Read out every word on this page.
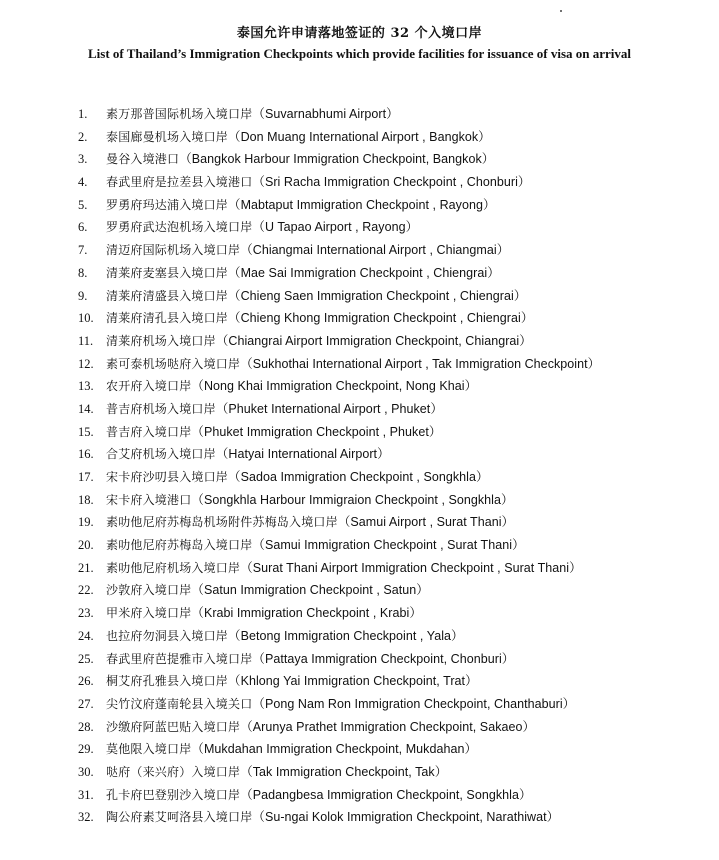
泰国允许申请落地签证的 32 个入境口岸
List of Thailand’s Immigration Checkpoints which provide facilities for issuance of visa on arrival
1. 素万那普国际机场入境口岸（Suvarnabhumi Airport）
2. 泰国廊曼机场入境口岸（Don Muang International Airport , Bangkok）
3. 曼谷入境港口（Bangkok Harbour Immigration Checkpoint, Bangkok）
4. 春武里府是拉差县入境港口（Sri Racha Immigration Checkpoint , Chonburi）
5. 罗勇府玛达浦入境口岸（Mabtaput Immigration Checkpoint , Rayong）
6. 罗勇府武达泡机场入境口岸（U Tapao Airport , Rayong）
7. 清迈府国际机场入境口岸（Chiangmai International Airport , Chiangmai）
8. 清莱府麦塞县入境口岸（Mae Sai Immigration Checkpoint , Chiengrai）
9. 清莱府清盛县入境口岸（Chieng Saen Immigration Checkpoint , Chiengrai）
10. 清莱府清孔县入境口岸（Chieng Khong Immigration Checkpoint , Chiengrai）
11. 清莱府机场入境口岸（Chiangrai Airport Immigration Checkpoint, Chiangrai）
12. 素可泰机场哒府入境口岸（Sukhothai International Airport , Tak Immigration Checkpoint）
13. 农开府入境口岸（Nong Khai Immigration Checkpoint, Nong Khai）
14. 普吉府机场入境口岸（Phuket International Airport , Phuket）
15. 普吉府入境口岸（Phuket Immigration Checkpoint , Phuket）
16. 合艾府机场入境口岸（Hatyai International Airport）
17. 宋卡府沙叨县入境口岸（Sadoa Immigration Checkpoint , Songkhla）
18. 宋卡府入境港口（Songkhla Harbour Immigraion Checkpoint , Songkhla）
19. 素叻他尼府苏梅岛机场附件苏梅岛入境口岸（Samui Airport , Surat Thani）
20. 素叻他尼府苏梅岛入境口岸（Samui Immigration Checkpoint , Surat Thani）
21. 素叻他尼府机场入境口岸（Surat Thani Airport Immigration Checkpoint , Surat Thani）
22. 沙敦府入境口岸（Satun Immigration Checkpoint , Satun）
23. 甲米府入境口岸（Krabi Immigration Checkpoint , Krabi）
24. 也拉府勿洞县入境口岸（Betong Immigration Checkpoint , Yala）
25. 春武里府芭提雅市入境口岸（Pattaya Immigration Checkpoint, Chonburi）
26. 桐艾府孔雅县入境口岸（Khlong Yai Immigration Checkpoint, Trat）
27. 尖竹汶府蓬南轮县入境关口（Pong Nam Ron Immigration Checkpoint, Chanthaburi）
28. 沙缴府阿蓝巴贴入境口岸（Arunya Prathet Immigration Checkpoint, Sakaeo）
29. 莫他限入境口岸（Mukdahan Immigration Checkpoint, Mukdahan）
30. 哒府（来兴府）入境口岸（Tak Immigration Checkpoint, Tak）
31. 孔卡府巴登别沙入境口岸（Padangbesa Immigration Checkpoint, Songkhla）
32. 陶公府素艾呵洛县入境口岸（Su-ngai Kolok Immigration Checkpoint, Narathiwat）
